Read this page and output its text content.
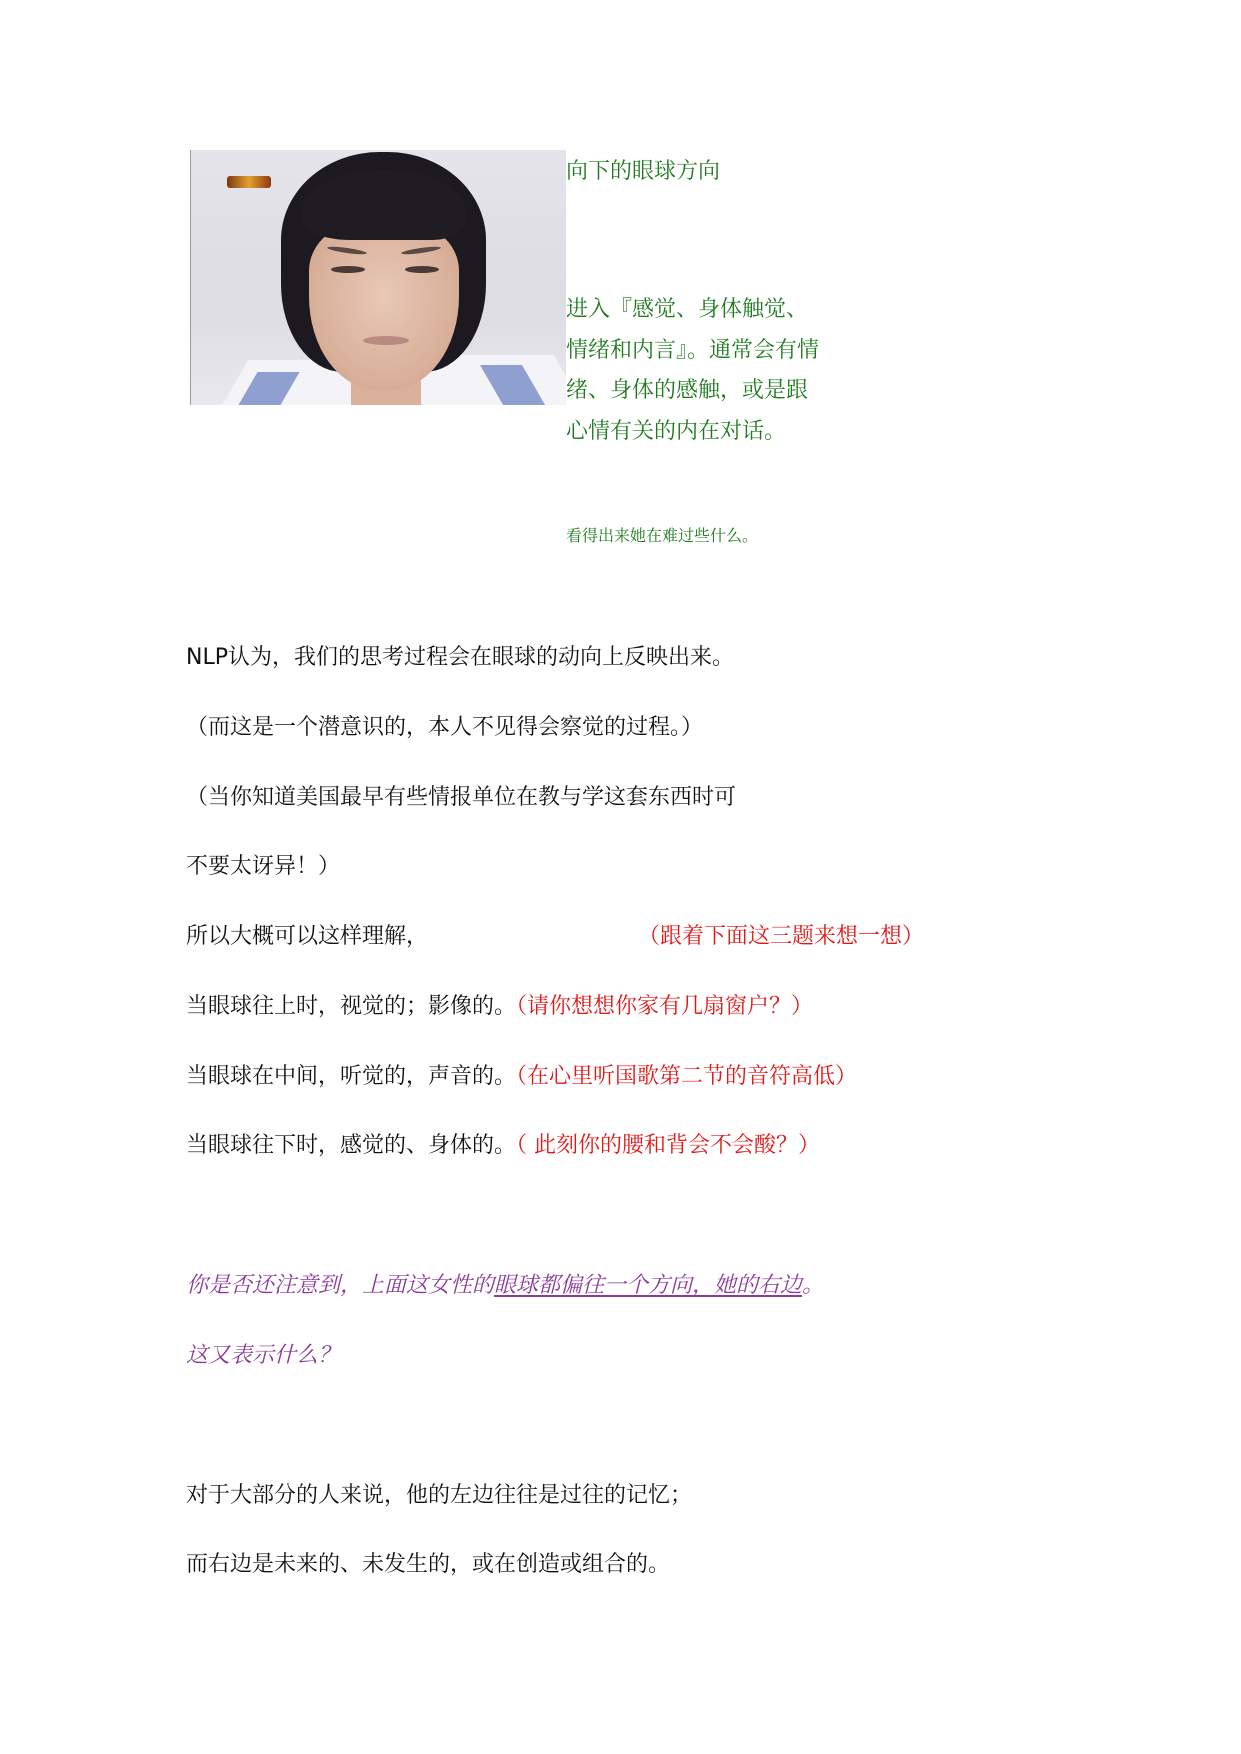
向下的眼球方向
进入『感觉、身体触觉、情绪和内言』。通常会有情绪、身体的感触，或是跟心情有关的内在对话。
看得出来她在难过些什么。
NLP认为，我们的思考过程会在眼球的动向上反映出来。
（而这是一个潜意识的，本人不见得会察觉的过程。）
（当你知道美国最早有些情报单位在教与学这套东西时可
不要太讶异！）
所以大概可以这样理解，	（跟着下面这三题来想一想）
当眼球往上时，视觉的；影像的。（请你想想你家有几扇窗户？）
当眼球在中间，听觉的，声音的。（在心里听国歌第二节的音符高低）
当眼球往下时，感觉的、身体的。（ 此刻你的腰和背会不会酸？）
你是否还注意到，上面这女性的眼球都偏往一个方向，她的右边。
这又表示什么？
对于大部分的人来说，他的左边往往是过往的记忆；
而右边是未来的、未发生的，或在创造或组合的。
